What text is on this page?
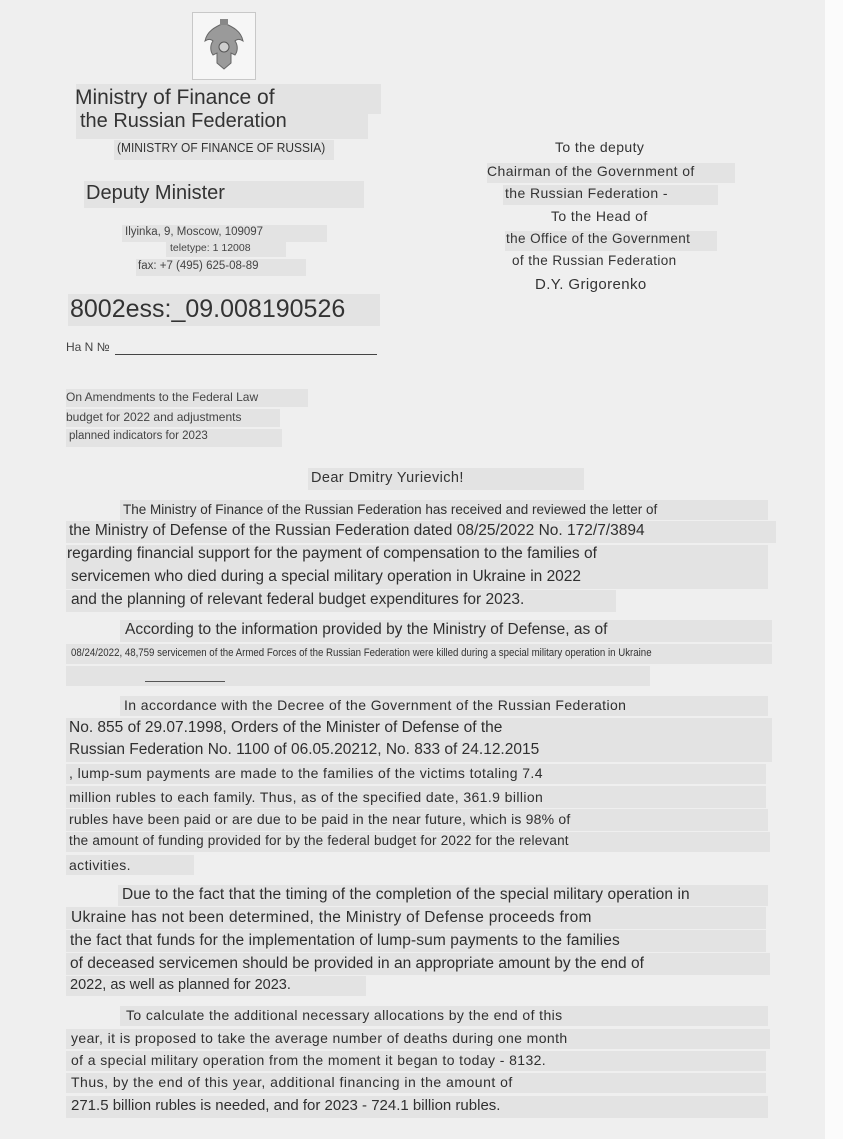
Ministry of Finance of
the Russian Federation
(MINISTRY OF FINANCE OF RUSSIA)
Deputy Minister
Ilyinka, 9, Moscow, 109097
teletype: 1 12008
fax: +7 (495) 625-08-89
8002ess:_09.008190526
Ha N №
To the deputy
Chairman of the Government of
the Russian Federation -
To the Head of
the Office of the Government
of the Russian Federation
D.Y. Grigorenko
On Amendments to the Federal Law
budget for 2022 and adjustments
planned indicators for 2023
Dear Dmitry Yurievich!
The Ministry of Finance of the Russian Federation has received and reviewed the letter of
the Ministry of Defense of the Russian Federation dated 08/25/2022 No. 172/7/3894
regarding financial support for the payment of compensation to the families of
servicemen who died during a special military operation in Ukraine in 2022
and the planning of relevant federal budget expenditures for 2023.
According to the information provided by the Ministry of Defense, as of
08/24/2022, 48,759 servicemen of the Armed Forces of the Russian Federation were killed during a special military operation in Ukraine
In accordance with the Decree of the Government of the Russian Federation
No. 855 of 29.07.1998, Orders of the Minister of Defense of the
Russian Federation No. 1100 of 06.05.20212, No. 833 of 24.12.2015
, lump-sum payments are made to the families of the victims totaling 7.4
million rubles to each family. Thus, as of the specified date, 361.9 billion
rubles have been paid or are due to be paid in the near future, which is 98% of
the amount of funding provided for by the federal budget for 2022 for the relevant
activities.
Due to the fact that the timing of the completion of the special military operation in
Ukraine has not been determined, the Ministry of Defense proceeds from
the fact that funds for the implementation of lump-sum payments to the families
of deceased servicemen should be provided in an appropriate amount by the end of
2022, as well as planned for 2023.
To calculate the additional necessary allocations by the end of this
year, it is proposed to take the average number of deaths during one month
of a special military operation from the moment it began to today - 8132.
Thus, by the end of this year, additional financing in the amount of
271.5 billion rubles is needed, and for 2023 - 724.1 billion rubles.
